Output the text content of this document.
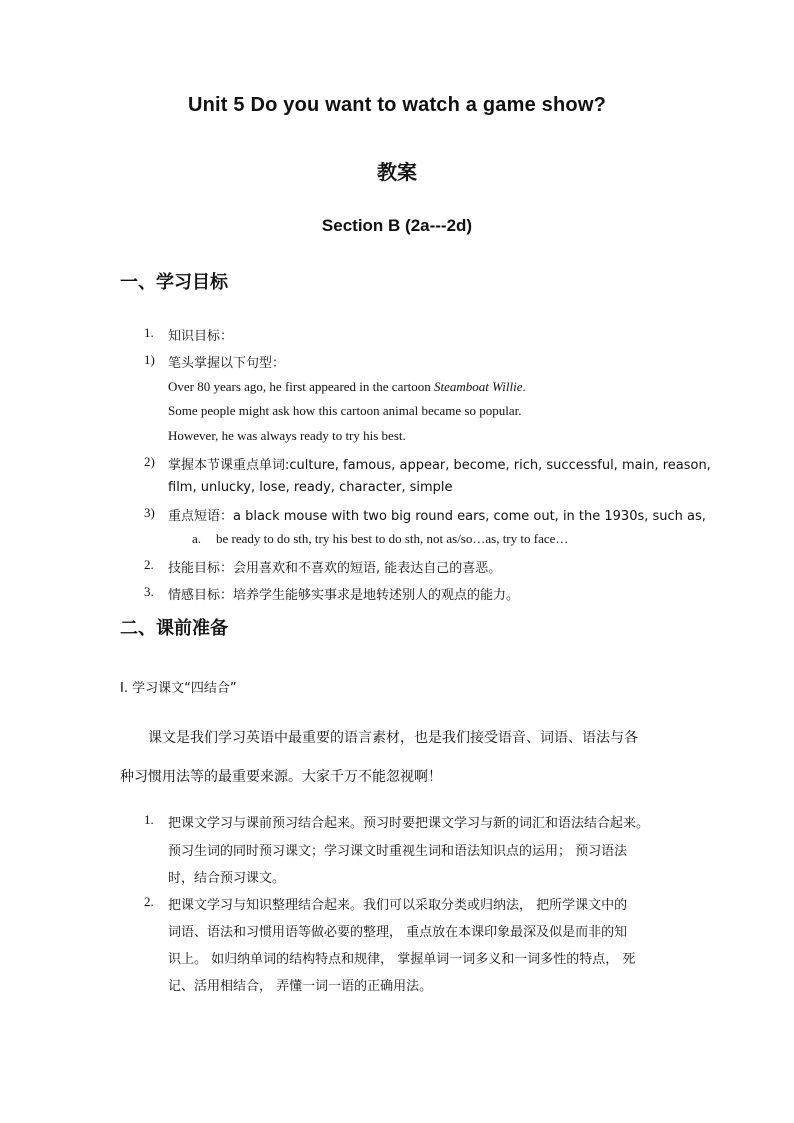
Unit 5 Do you want to watch a game show?
教案
Section B (2a---2d)
一、学习目标
1. 知识目标：
1) 笔头掌握以下句型：
Over 80 years ago, he first appeared in the cartoon Steamboat Willie.
Some people might ask how this cartoon animal became so popular.
However, he was always ready to try his best.
2) 掌握本节课重点单词:culture, famous, appear, become, rich, successful, main, reason,
film, unlucky, lose, ready, character, simple
3) 重点短语：a black mouse with two big round ears, come out, in the 1930s, such as,
a. be ready to do sth, try his best to do sth, not as/so…as, try to face…
2. 技能目标：会用喜欢和不喜欢的短语, 能表达自己的喜恶。
3. 情感目标：培养学生能够实事求是地转述别人的观点的能力。
二、课前准备
I. 学习课文“四结合”
课文是我们学习英语中最重要的语言素材，也是我们接受语音、词语、语法与各
种习惯用法等的最重要来源。大家千万不能忽视啊！
1. 把课文学习与课前预习结合起来。预习时要把课文学习与新的词汇和语法结合起来。
预习生词的同时预习课文；学习课文时重视生词和语法知识点的运用； 预习语法
时，结合预习课文。
2. 把课文学习与知识整理结合起来。我们可以采取分类或归纳法， 把所学课文中的
词语、语法和习惯用语等做必要的整理， 重点放在本课印象最深及似是而非的知
识上。 如归纳单词的结构特点和规律， 掌握单词一词多义和一词多性的特点， 死
记、活用相结合， 弄懂一词一语的正确用法。
